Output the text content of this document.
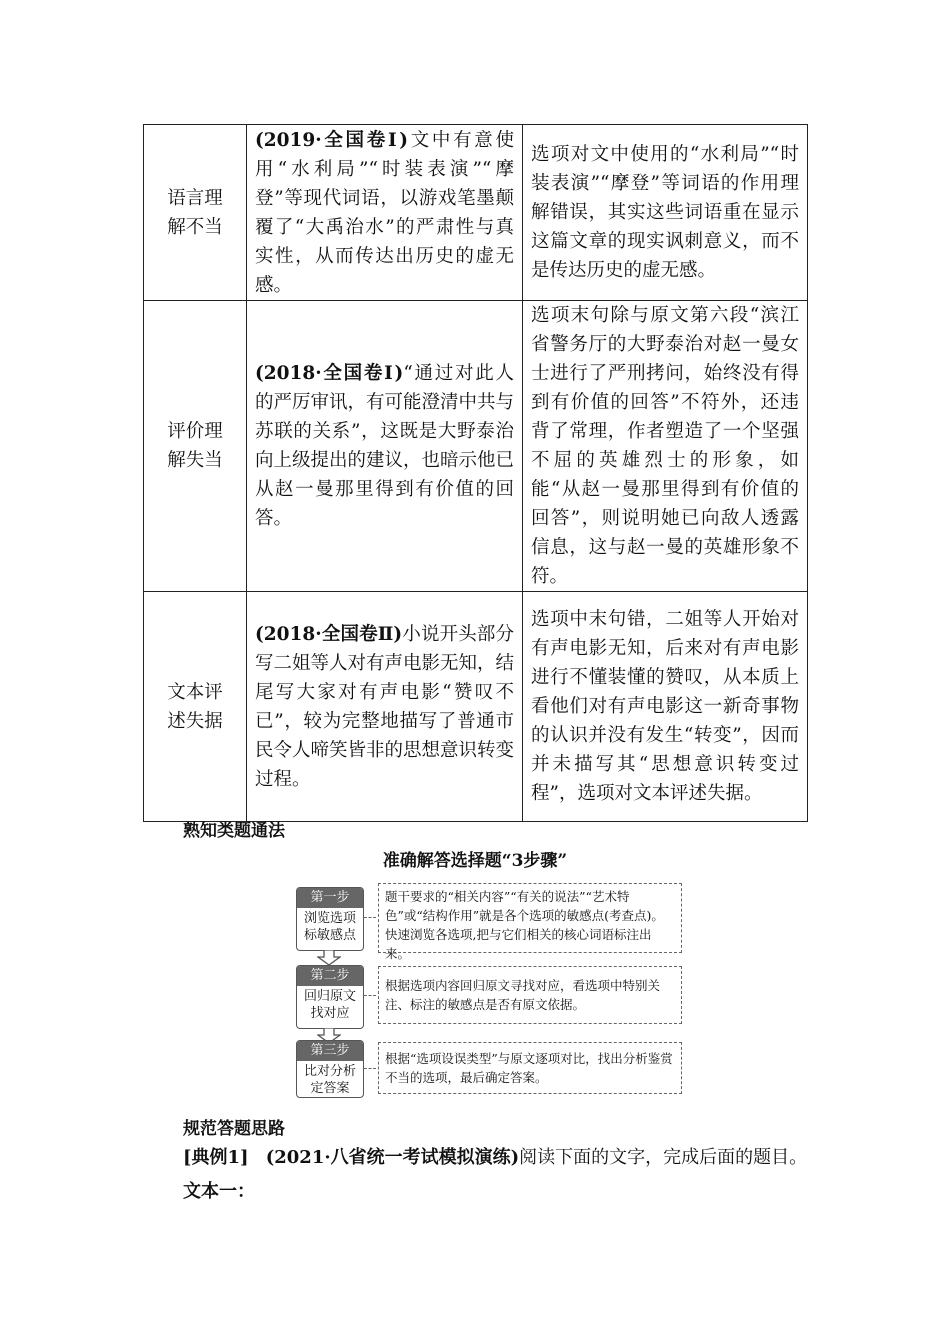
语言理
解不当	(2019·全国卷Ⅰ)文中有意使用“水利局”“时装表演”“摩登”等现代词语，以游戏笔墨颠覆了“大禹治水”的严肃性与真实性，从而传达出历史的虚无感。	选项对文中使用的“水利局”“时装表演”“摩登”等词语的作用理解错误，其实这些词语重在显示这篇文章的现实讽刺意义，而不是传达历史的虚无感。
评价理
解失当	(2018·全国卷Ⅰ)“通过对此人的严厉审讯，有可能澄清中共与苏联的关系”，这既是大野泰治向上级提出的建议，也暗示他已从赵一曼那里得到有价值的回答。	选项末句除与原文第六段“滨江省警务厅的大野泰治对赵一曼女士进行了严刑拷问，始终没有得到有价值的回答”不符外，还违背了常理，作者塑造了一个坚强不屈的英雄烈士的形象，如能“从赵一曼那里得到有价值的回答”，则说明她已向敌人透露信息，这与赵一曼的英雄形象不符。
文本评
述失据	(2018·全国卷Ⅱ)小说开头部分写二姐等人对有声电影无知，结尾写大家对有声电影“赞叹不已”，较为完整地描写了普通市民令人啼笑皆非的思想意识转变过程。	选项中末句错，二姐等人开始对有声电影无知，后来对有声电影进行不懂装懂的赞叹，从本质上看他们对有声电影这一新奇事物的认识并没有发生“转变”，因而并未描写其“思想意识转变过程”，选项对文本评述失据。
熟知类题通法
准确解答选择题“3步骤”
第一步
浏览选项
标敏感点
题干要求的“相关内容”“有关的说法”“艺术特色”或“结构作用”就是各个选项的敏感点(考查点)。快速浏览各选项,把与它们相关的核心词语标注出来。
第二步
回归原文
找对应
根据选项内容回归原文寻找对应，看选项中特别关注、标注的敏感点是否有原文依据。
第三步
比对分析
定答案
根据“选项设误类型”与原文逐项对比，找出分析鉴赏不当的选项，最后确定答案。
规范答题思路
[典例1] (2021·八省统一考试模拟演练)阅读下面的文字，完成后面的题目。
文本一：
